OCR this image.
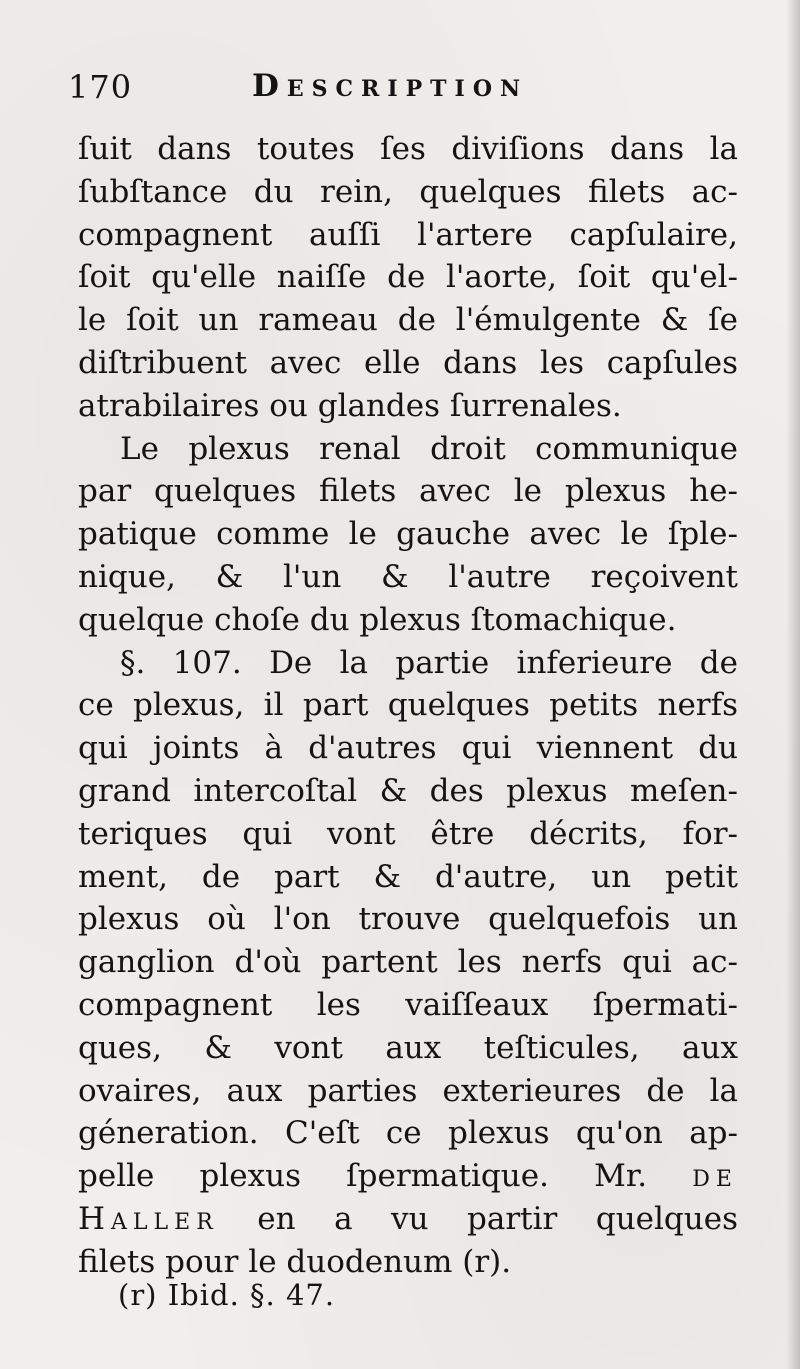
170	Description
ſuit dans toutes ſes diviſions dans la
ſubſtance du rein, quelques filets ac-
compagnent auſſi l'artere capſulaire,
ſoit qu'elle naiſſe de l'aorte, ſoit qu'el-
le ſoit un rameau de l'émulgente & ſe
diſtribuent avec elle dans les capſules
atrabilaires ou glandes ſurrenales.
Le plexus renal droit communique
par quelques filets avec le plexus he-
patique comme le gauche avec le ſple-
nique, & l'un & l'autre reçoivent
quelque choſe du plexus ſtomachique.
§. 107. De la partie inferieure de
ce plexus, il part quelques petits nerfs
qui joints à d'autres qui viennent du
grand intercoſtal & des plexus meſen-
teriques qui vont être décrits, for-
ment, de part & d'autre, un petit
plexus où l'on trouve quelquefois un
ganglion d'où partent les nerfs qui ac-
compagnent les vaiſſeaux ſpermati-
ques, & vont aux teſticules, aux
ovaires, aux parties exterieures de la
géneration. C'eſt ce plexus qu'on ap-
pelle plexus ſpermatique. Mr. de
Haller en a vu partir quelques
filets pour le duodenum (r).
(r) Ibid. §. 47.
